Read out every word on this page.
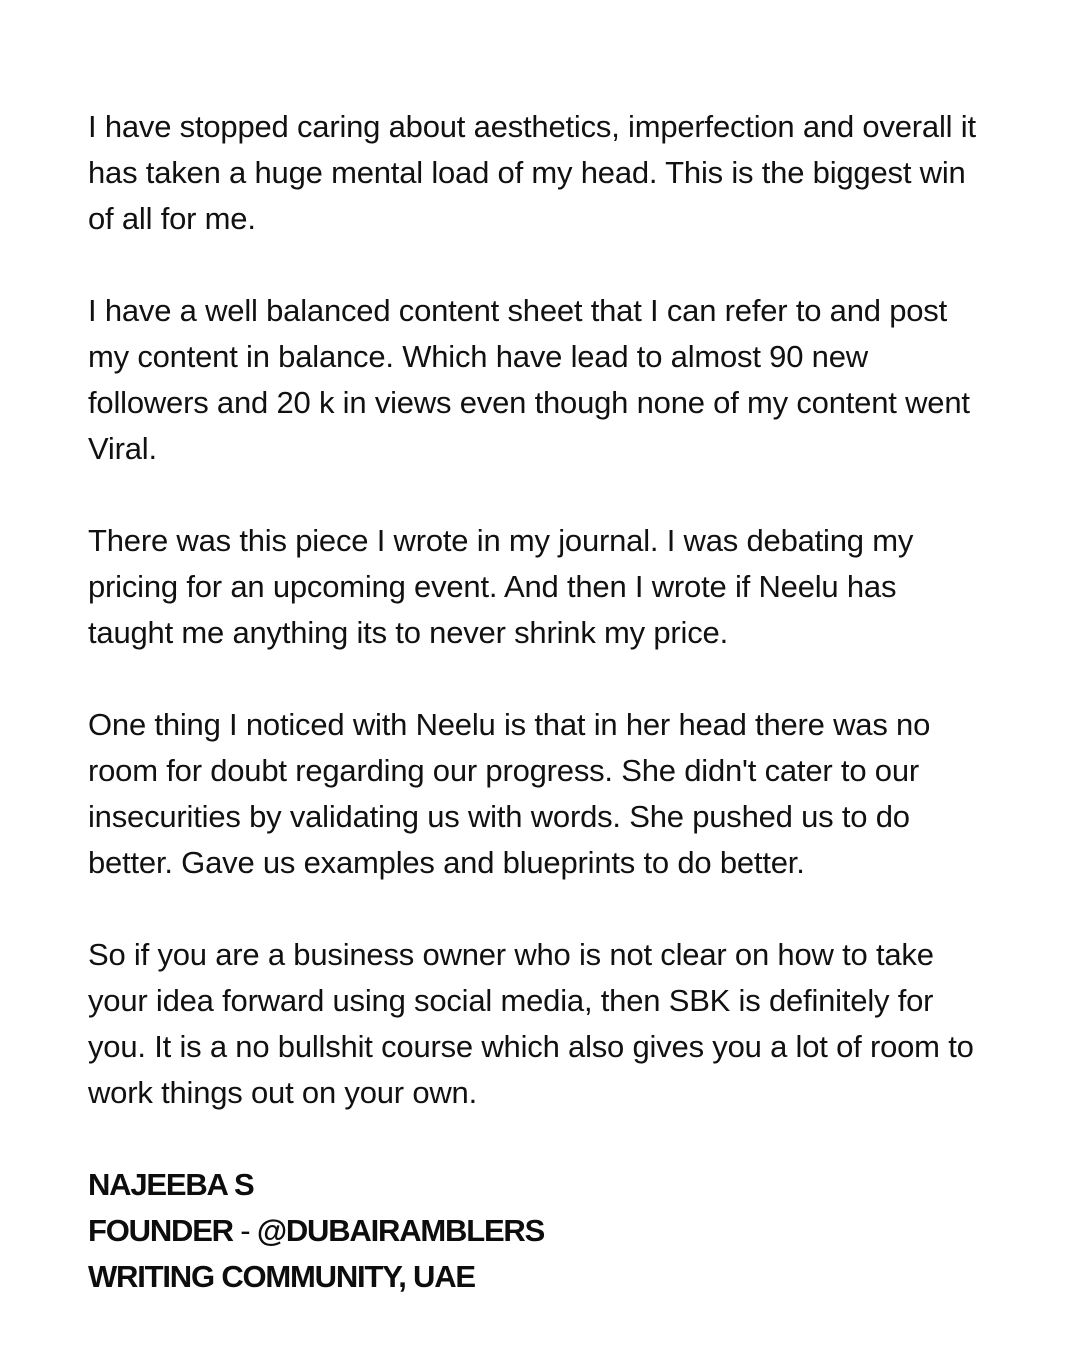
I have stopped caring about aesthetics, imperfection and overall it has taken a huge mental load of my head. This is the biggest win of all for me.

I have a well balanced content sheet that I can refer to and post my content in balance. Which have lead to almost 90 new followers and 20 k in views even though none of my content went Viral.

There was this piece I wrote in my journal. I was debating my pricing for an upcoming event. And then I wrote if Neelu has taught me anything its to never shrink my price.

One thing I noticed with Neelu is that in her head there was no room for doubt regarding our progress. She didn't cater to our insecurities by validating us with words. She pushed us to do better. Gave us examples and blueprints to do better.

So if you are a business owner who is not clear on how to take your idea forward using social media, then SBK is definitely for you. It is a no bullshit course which also gives you a lot of room to work things out on your own.

NAJEEBA S
FOUNDER - @DUBAIRAMBLERS
WRITING COMMUNITY, UAE
